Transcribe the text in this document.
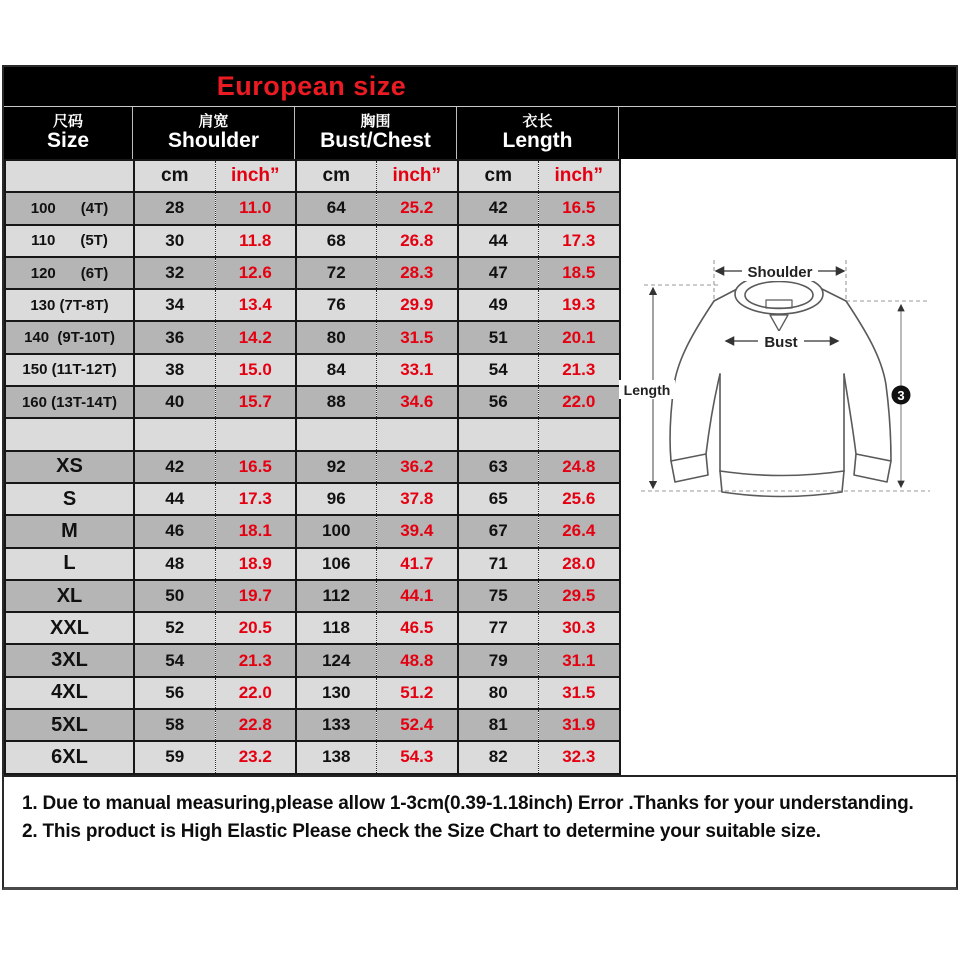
European size
尺码
Size
肩宽
Shoulder
胸围
Bust/Chest
衣长
Length
	cm	inch”	cm	inch”	cm	inch”
100      (4T)	28	11.0	64	25.2	42	16.5
110      (5T)	30	11.8	68	26.8	44	17.3
120      (6T)	32	12.6	72	28.3	47	18.5
130 (7T-8T)	34	13.4	76	29.9	49	19.3
140  (9T-10T)	36	14.2	80	31.5	51	20.1
150 (11T-12T)	38	15.0	84	33.1	54	21.3
160 (13T-14T)	40	15.7	88	34.6	56	22.0

XS	42	16.5	92	36.2	63	24.8
S	44	17.3	96	37.8	65	25.6
M	46	18.1	100	39.4	67	26.4
L	48	18.9	106	41.7	71	28.0
XL	50	19.7	112	44.1	75	29.5
XXL	52	20.5	118	46.5	77	30.3
3XL	54	21.3	124	48.8	79	31.1
4XL	56	22.0	130	51.2	80	31.5
5XL	58	22.8	133	52.4	81	31.9
6XL	59	23.2	138	54.3	82	32.3

1. Due to manual measuring,please allow 1-3cm(0.39-1.18inch) Error .Thanks for your understanding.

2. This product is High Elastic Please check the Size Chart to determine your suitable size.

Shoulder
Bust
Length	3
